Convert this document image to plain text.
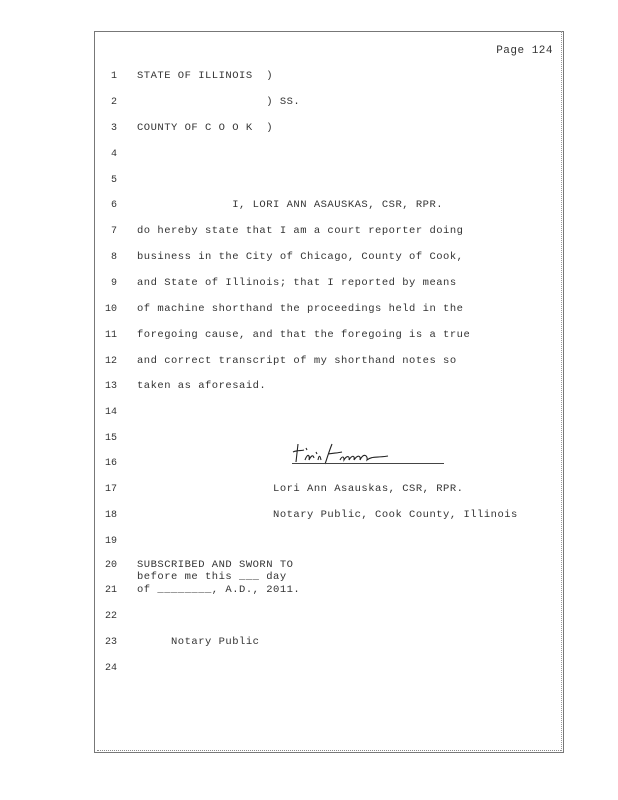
Page 124
1 STATE OF ILLINOIS  )
2 ) SS.
3 COUNTY OF C O O K  )
4
5
6 I, LORI ANN ASAUSKAS, CSR, RPR.
7 do hereby state that I am a court reporter doing
8 business in the City of Chicago, County of Cook,
9 and State of Illinois; that I reported by means
10 of machine shorthand the proceedings held in the
11 foregoing cause, and that the foregoing is a true
12 and correct transcript of my shorthand notes so
13 taken as aforesaid.
14
15
16
17 Lori Ann Asauskas, CSR, RPR.
18 Notary Public, Cook County, Illinois
19
20 SUBSCRIBED AND SWORN TO
before me this ___ day
21 of ________, A.D., 2011.
22
23 Notary Public
24
